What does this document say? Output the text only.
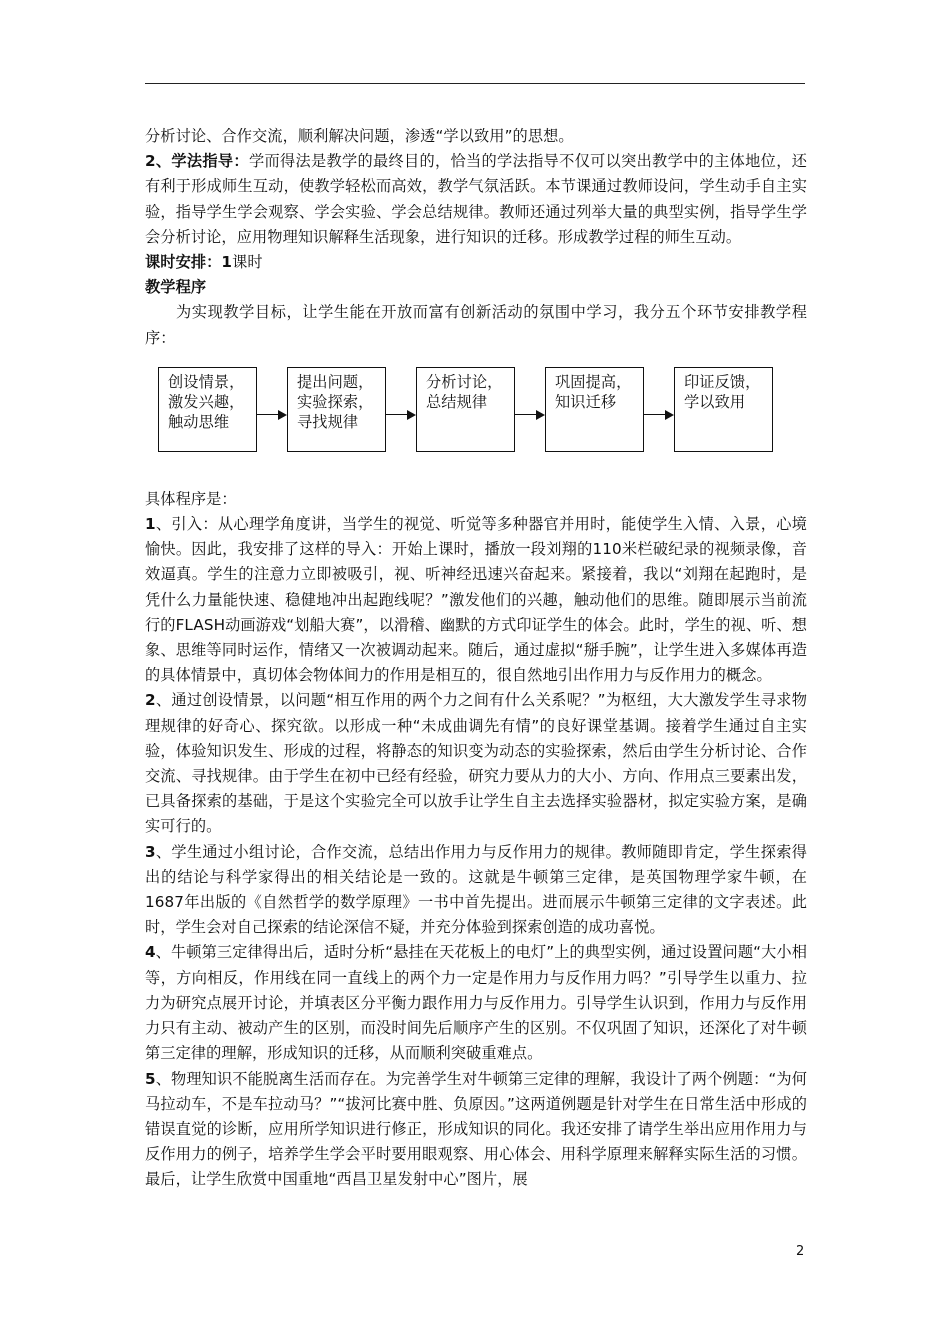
分析讨论、合作交流，顺利解决问题，渗透“学以致用”的思想。

2、学法指导：学而得法是教学的最终目的，恰当的学法指导不仅可以突出教学中的主体地位，还有利于形成师生互动，使教学轻松而高效，教学气氛活跃。本节课通过教师设问，学生动手自主实验，指导学生学会观察、学会实验、学会总结规律。教师还通过列举大量的典型实例，指导学生学会分析讨论，应用物理知识解释生活现象，进行知识的迁移。形成教学过程的师生互动。

课时安排：1课时

教学程序

为实现教学目标，让学生能在开放而富有创新活动的氛围中学习，我分五个环节安排教学程序：

创设情景，
激发兴趣，
触动思维
提出问题，
实验探索，
寻找规律
分析讨论，
总结规律
巩固提高，
知识迁移
印证反馈，
学以致用

具体程序是：

1、引入：从心理学角度讲，当学生的视觉、听觉等多种器官并用时，能使学生入情、入景，心境愉快。因此，我安排了这样的导入：开始上课时，播放一段刘翔的110米栏破纪录的视频录像，音效逼真。学生的注意力立即被吸引，视、听神经迅速兴奋起来。紧接着，我以“刘翔在起跑时，是凭什么力量能快速、稳健地冲出起跑线呢？”激发他们的兴趣，触动他们的思维。随即展示当前流行的FLASH动画游戏“划船大赛”，以滑稽、幽默的方式印证学生的体会。此时，学生的视、听、想象、思维等同时运作，情绪又一次被调动起来。随后，通过虚拟“掰手腕”，让学生进入多媒体再造的具体情景中，真切体会物体间力的作用是相互的，很自然地引出作用力与反作用力的概念。

2、通过创设情景，以问题“相互作用的两个力之间有什么关系呢？”为枢纽，大大激发学生寻求物理规律的好奇心、探究欲。以形成一种“未成曲调先有情”的良好课堂基调。接着学生通过自主实验，体验知识发生、形成的过程，将静态的知识变为动态的实验探索，然后由学生分析讨论、合作交流、寻找规律。由于学生在初中已经有经验，研究力要从力的大小、方向、作用点三要素出发，已具备探索的基础，于是这个实验完全可以放手让学生自主去选择实验器材，拟定实验方案，是确实可行的。

3、学生通过小组讨论，合作交流，总结出作用力与反作用力的规律。教师随即肯定，学生探索得出的结论与科学家得出的相关结论是一致的。这就是牛顿第三定律，是英国物理学家牛顿，在1687年出版的《自然哲学的数学原理》一书中首先提出。进而展示牛顿第三定律的文字表述。此时，学生会对自己探索的结论深信不疑，并充分体验到探索创造的成功喜悦。

4、牛顿第三定律得出后，适时分析“悬挂在天花板上的电灯”上的典型实例，通过设置问题“大小相等，方向相反，作用线在同一直线上的两个力一定是作用力与反作用力吗？”引导学生以重力、拉力为研究点展开讨论，并填表区分平衡力跟作用力与反作用力。引导学生认识到，作用力与反作用力只有主动、被动产生的区别，而没时间先后顺序产生的区别。不仅巩固了知识，还深化了对牛顿第三定律的理解，形成知识的迁移，从而顺利突破重难点。

5、物理知识不能脱离生活而存在。为完善学生对牛顿第三定律的理解，我设计了两个例题：“为何马拉动车，不是车拉动马？”“拔河比赛中胜、负原因。”这两道例题是针对学生在日常生活中形成的错误直觉的诊断，应用所学知识进行修正，形成知识的同化。我还安排了请学生举出应用作用力与反作用力的例子，培养学生学会平时要用眼观察、用心体会、用科学原理来解释实际生活的习惯。最后，让学生欣赏中国重地“西昌卫星发射中心”图片，展

2
